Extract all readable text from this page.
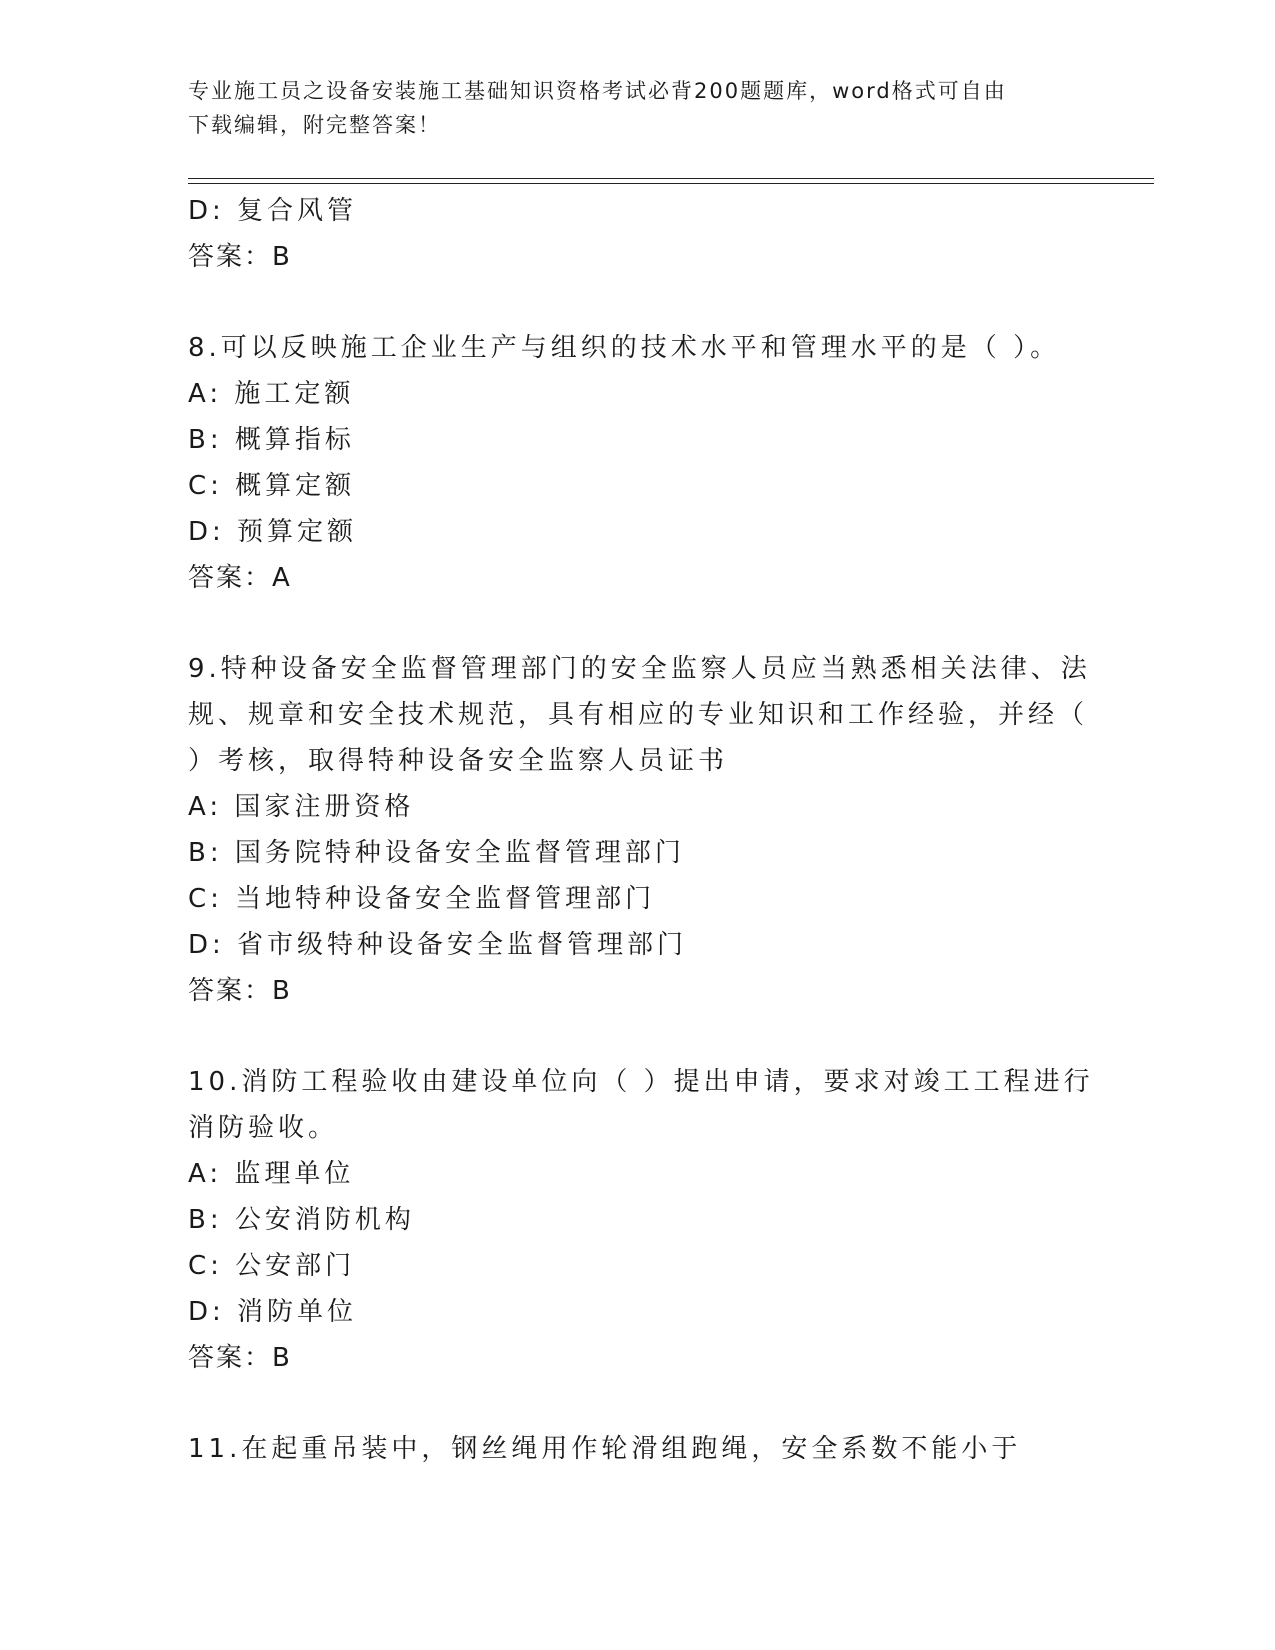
专业施工员之设备安装施工基础知识资格考试必背200题题库，word格式可自由
下载编辑，附完整答案！
D: 复合风管
答案：B
8.可以反映施工企业生产与组织的技术水平和管理水平的是（ ）。
A: 施工定额
B: 概算指标
C: 概算定额
D: 预算定额
答案：A
9.特种设备安全监督管理部门的安全监察人员应当熟悉相关法律、法
规、规章和安全技术规范，具有相应的专业知识和工作经验，并经（
）考核，取得特种设备安全监察人员证书
A: 国家注册资格
B: 国务院特种设备安全监督管理部门
C: 当地特种设备安全监督管理部门
D: 省市级特种设备安全监督管理部门
答案：B
10.消防工程验收由建设单位向（ ）提出申请，要求对竣工工程进行
消防验收。
A: 监理单位
B: 公安消防机构
C: 公安部门
D: 消防单位
答案：B
11.在起重吊装中，钢丝绳用作轮滑组跑绳，安全系数不能小于
